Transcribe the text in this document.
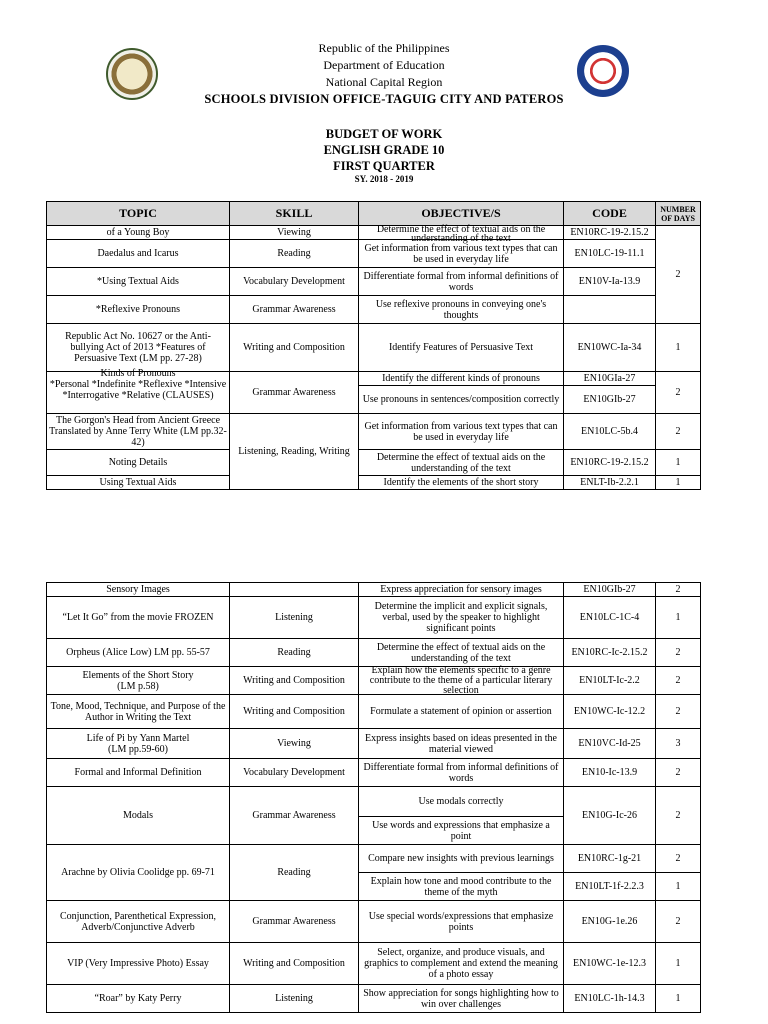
Republic of the Philippines
Department of Education
National Capital Region
SCHOOLS DIVISION OFFICE-TAGUIG CITY AND PATEROS
BUDGET OF WORK
ENGLISH GRADE 10
FIRST QUARTER
SY. 2018 - 2019
TOPIC	SKILL	OBJECTIVE/S	CODE	NUMBER OF DAYS
of a Young Boy	Viewing	Determine the effect of textual aids on the understanding of the text	EN10RC-19-2.15.2	2
Daedalus and Icarus	Reading	Get information from various text types that can be used in everyday life	EN10LC-19-11.1	
*Using Textual Aids	Vocabulary Development	Differentiate formal from informal definitions of words	EN10V-Ia-13.9	
*Reflexive Pronouns	Grammar Awareness	Use reflexive pronouns in conveying one's thoughts		
Republic Act No. 10627 or the Anti-bullying Act of 2013 *Features of Persuasive Text (LM pp. 27-28)	Writing and Composition	Identify Features of Persuasive Text	EN10WC-Ia-34	1

Kinds of Pronouns
*Personal *Indefinite *Reflexive *Intensive *Interrogative *Relative (CLAUSES)	Grammar Awareness	Identify the different kinds of pronouns	EN10GIa-27	2
		Use pronouns in sentences/composition correctly	EN10GIb-27	
The Gorgon's Head from Ancient Greece Translated by Anne Terry White (LM pp.32-42)	Listening, Reading, Writing	Get information from various text types that can be used in everyday life	EN10LC-5b.4	2
Noting Details		Determine the effect of textual aids on the understanding of the text	EN10RC-19-2.15.2	1
Using Textual Aids		Identify the elements of the short story	ENLT-Ib-2.2.1	1
Sensory Images		Express appreciation for sensory images	EN10GIb-27	2
“Let It Go” from the movie FROZEN	Listening	Determine the implicit and explicit signals, verbal, used by the speaker to highlight significant points	EN10LC-1C-4	1
Orpheus (Alice Low) LM pp. 55-57	Reading	Determine the effect of textual aids on the understanding of the text	EN10RC-Ic-2.15.2	2
Elements of the Short Story
(LM p.58)	Writing and Composition	Explain how the elements specific to a genre contribute to the theme of a particular literary selection	EN10LT-Ic-2.2	2
Tone, Mood, Technique, and Purpose of the Author in Writing the Text	Writing and Composition	Formulate a statement of opinion or assertion	EN10WC-Ic-12.2	2
Life of Pi by Yann Martel
(LM pp.59-60)	Viewing	Express insights based on ideas presented in the material viewed	EN10VC-Id-25	3
Formal and Informal Definition	Vocabulary Development	Differentiate formal from informal definitions of words	EN10-Ic-13.9	2
Modals	Grammar Awareness	Use modals correctly	EN10G-Ic-26	2
		Use words and expressions that emphasize a point		
Arachne by Olivia Coolidge pp. 69-71	Reading	Compare new insights with previous learnings	EN10RC-1g-21	2
		Explain how tone and mood contribute to the theme of the myth	EN10LT-1f-2.2.3	1
Conjunction, Parenthetical Expression, Adverb/Conjunctive Adverb	Grammar Awareness	Use special words/expressions that emphasize points	EN10G-1e.26	2
VIP (Very Impressive Photo) Essay	Writing and Composition	Select, organize, and produce visuals, and graphics to complement and extend the meaning of a photo essay	EN10WC-1e-12.3	1
“Roar” by Katy Perry	Listening	Show appreciation for songs highlighting how to win over challenges	EN10LC-1h-14.3	1
